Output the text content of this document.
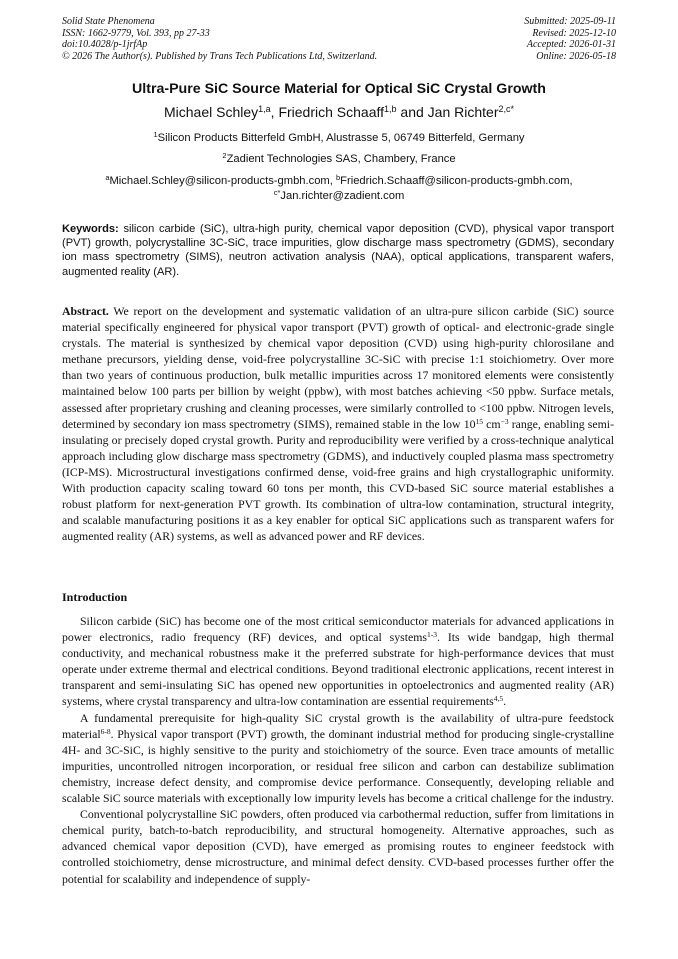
Solid State Phenomena
ISSN: 1662-9779, Vol. 393, pp 27-33
doi:10.4028/p-1jrfAp
© 2026 The Author(s). Published by Trans Tech Publications Ltd, Switzerland.
Submitted: 2025-09-11
Revised: 2025-12-10
Accepted: 2026-01-31
Online: 2026-05-18
Ultra-Pure SiC Source Material for Optical SiC Crystal Growth
Michael Schley$^{1,a}$, Friedrich Schaaff$^{1,b}$ and Jan Richter$^{2,c*}$
$^1$Silicon Products Bitterfeld GmbH, Alustrasse 5, 06749 Bitterfeld, Germany
$^2$Zadient Technologies SAS, Chambery, France
$^a$Michael.Schley@silicon-products-gmbh.com, $^b$Friedrich.Schaaff@silicon-products-gmbh.com,
$^{c*}$Jan.richter@zadient.com
Keywords: silicon carbide (SiC), ultra-high purity, chemical vapor deposition (CVD), physical vapor transport (PVT) growth, polycrystalline 3C-SiC, trace impurities, glow discharge mass spectrometry (GDMS), secondary ion mass spectrometry (SIMS), neutron activation analysis (NAA), optical applications, transparent wafers, augmented reality (AR).
Abstract. We report on the development and systematic validation of an ultra-pure silicon carbide (SiC) source material specifically engineered for physical vapor transport (PVT) growth of optical- and electronic-grade single crystals. The material is synthesized by chemical vapor deposition (CVD) using high-purity chlorosilane and methane precursors, yielding dense, void-free polycrystalline 3C-SiC with precise 1:1 stoichiometry. Over more than two years of continuous production, bulk metallic impurities across 17 monitored elements were consistently maintained below 100 parts per billion by weight (ppbw), with most batches achieving <50 ppbw. Surface metals, assessed after proprietary crushing and cleaning processes, were similarly controlled to <100 ppbw. Nitrogen levels, determined by secondary ion mass spectrometry (SIMS), remained stable in the low $10^{15}$ $cm^{-3}$ range, enabling semi-insulating or precisely doped crystal growth. Purity and reproducibility were verified by a cross-technique analytical approach including glow discharge mass spectrometry (GDMS), and inductively coupled plasma mass spectrometry (ICP-MS). Microstructural investigations confirmed dense, void-free grains and high crystallographic uniformity. With production capacity scaling toward 60 tons per month, this CVD-based SiC source material establishes a robust platform for next-generation PVT growth. Its combination of ultra-low contamination, structural integrity, and scalable manufacturing positions it as a key enabler for optical SiC applications such as transparent wafers for augmented reality (AR) systems, as well as advanced power and RF devices.
Introduction

Silicon carbide (SiC) has become one of the most critical semiconductor materials for advanced applications in power electronics, radio frequency (RF) devices, and optical systems$^{1-3}$. Its wide bandgap, high thermal conductivity, and mechanical robustness make it the preferred substrate for high-performance devices that must operate under extreme thermal and electrical conditions. Beyond traditional electronic applications, recent interest in transparent and semi-insulating SiC has opened new opportunities in optoelectronics and augmented reality (AR) systems, where crystal transparency and ultra-low contamination are essential requirements$^{4,5}$.

A fundamental prerequisite for high-quality SiC crystal growth is the availability of ultra-pure feedstock material$^{6-8}$. Physical vapor transport (PVT) growth, the dominant industrial method for producing single-crystalline 4H- and 3C-SiC, is highly sensitive to the purity and stoichiometry of the source. Even trace amounts of metallic impurities, uncontrolled nitrogen incorporation, or residual free silicon and carbon can destabilize sublimation chemistry, increase defect density, and compromise device performance. Consequently, developing reliable and scalable SiC source materials with exceptionally low impurity levels has become a critical challenge for the industry.

Conventional polycrystalline SiC powders, often produced via carbothermal reduction, suffer from limitations in chemical purity, batch-to-batch reproducibility, and structural homogeneity. Alternative approaches, such as advanced chemical vapor deposition (CVD), have emerged as promising routes to engineer feedstock with controlled stoichiometry, dense microstructure, and minimal defect density. CVD-based processes further offer the potential for scalability and independence of supply-
